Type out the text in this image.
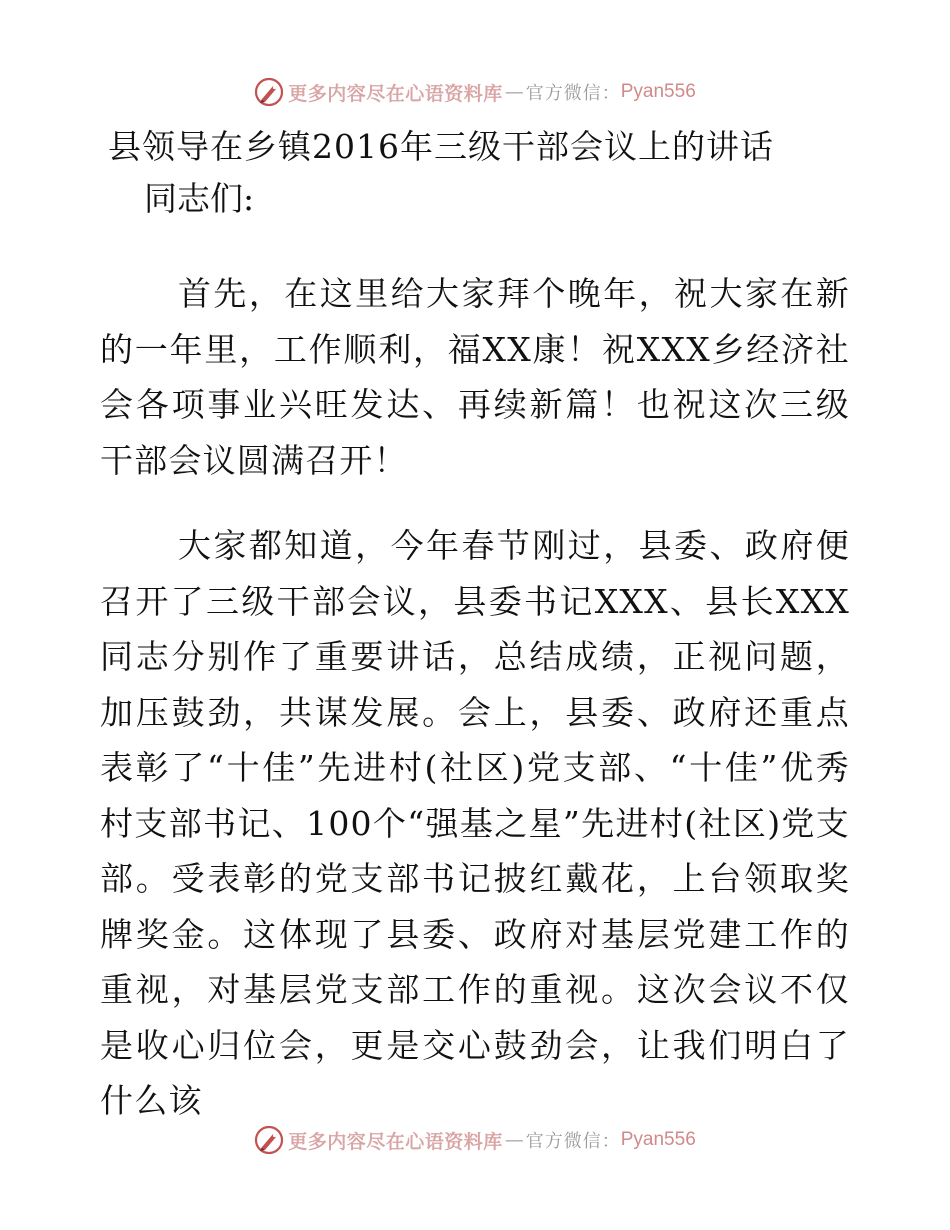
更多内容尽在心语资料库 — 官方微信： Pyan556
县领导在乡镇2016年三级干部会议上的讲话

同志们:

首先，在这里给大家拜个晚年，祝大家在新的一年里，工作顺利，福XX康！祝XXX乡经济社会各项事业兴旺发达、再续新篇！也祝这次三级干部会议圆满召开！

大家都知道，今年春节刚过，县委、政府便召开了三级干部会议，县委书记XXX、县长XXX同志分别作了重要讲话，总结成绩，正视问题，加压鼓劲，共谋发展。会上，县委、政府还重点表彰了“十佳”先进村(社区)党支部、“十佳”优秀村支部书记、100个“强基之星”先进村(社区)党支部。受表彰的党支部书记披红戴花，上台领取奖牌奖金。这体现了县委、政府对基层党建工作的重视，对基层党支部工作的重视。这次会议不仅是收心归位会，更是交心鼓劲会，让我们明白了什么该

更多内容尽在心语资料库 — 官方微信： Pyan556
